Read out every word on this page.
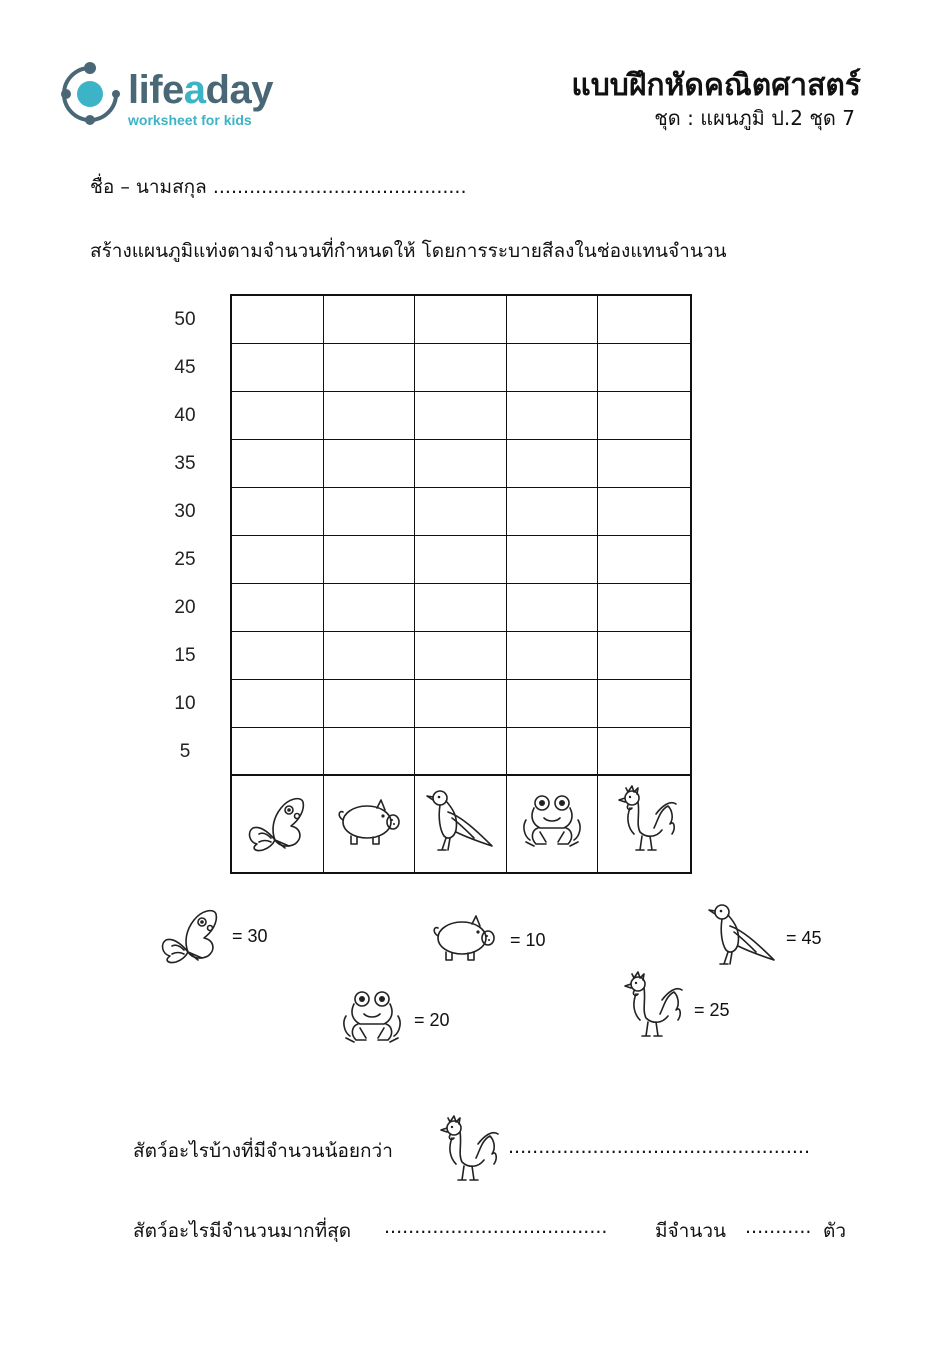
lifeaday
worksheet for kids
แบบฝึกหัดคณิตศาสตร์
ชุด : แผนภูมิ ป.2 ชุด 7
ชื่อ – นามสกุล ..........................................
สร้างแผนภูมิแท่งตามจำนวนที่กำหนดให้ โดยการระบายสีลงในช่องแทนจำนวน
50
45
40
35
30
25
20
15
10
5
= 30	= 10	= 45
= 20	= 25
สัตว์อะไรบ้างที่มีจำนวนน้อยกว่า	..................................................
สัตว์อะไรมีจำนวนมากที่สุด .....................................	มีจำนวน ........... ตัว
